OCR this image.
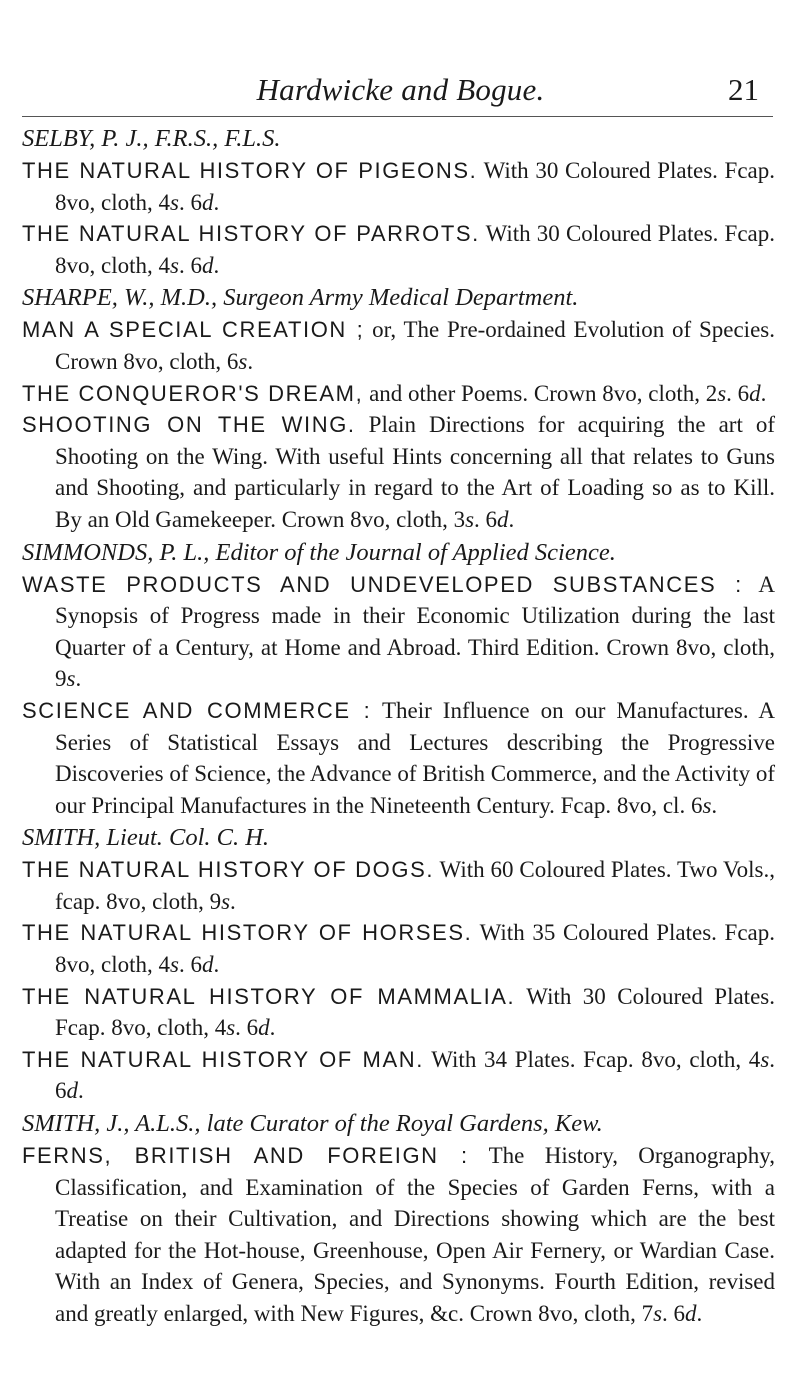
Hardwicke and Bogue.	21

SELBY, P. J., F.R.S., F.L.S.

THE NATURAL HISTORY OF PIGEONS. With 30 Coloured Plates. Fcap. 8vo, cloth, 4s. 6d.

THE NATURAL HISTORY OF PARROTS. With 30 Coloured Plates. Fcap. 8vo, cloth, 4s. 6d.

SHARPE, W., M.D., Surgeon Army Medical Department.

MAN A SPECIAL CREATION ; or, The Pre-ordained Evolution of Species. Crown 8vo, cloth, 6s.

THE CONQUEROR'S DREAM, and other Poems. Crown 8vo, cloth, 2s. 6d.

SHOOTING ON THE WING. Plain Directions for acquiring the art of Shooting on the Wing. With useful Hints concerning all that relates to Guns and Shooting, and particularly in regard to the Art of Loading so as to Kill. By an Old Gamekeeper. Crown 8vo, cloth, 3s. 6d.

SIMMONDS, P. L., Editor of the Journal of Applied Science.

WASTE PRODUCTS AND UNDEVELOPED SUBSTANCES : A Synopsis of Progress made in their Economic Utilization during the last Quarter of a Century, at Home and Abroad. Third Edition. Crown 8vo, cloth, 9s.

SCIENCE AND COMMERCE : Their Influence on our Manufactures. A Series of Statistical Essays and Lectures describing the Progressive Discoveries of Science, the Advance of British Commerce, and the Activity of our Principal Manufactures in the Nineteenth Century. Fcap. 8vo, cl. 6s.

SMITH, Lieut. Col. C. H.

THE NATURAL HISTORY OF DOGS. With 60 Coloured Plates. Two Vols., fcap. 8vo, cloth, 9s.

THE NATURAL HISTORY OF HORSES. With 35 Coloured Plates. Fcap. 8vo, cloth, 4s. 6d.

THE NATURAL HISTORY OF MAMMALIA. With 30 Coloured Plates. Fcap. 8vo, cloth, 4s. 6d.

THE NATURAL HISTORY OF MAN. With 34 Plates. Fcap. 8vo, cloth, 4s. 6d.

SMITH, J., A.L.S., late Curator of the Royal Gardens, Kew.

FERNS, BRITISH AND FOREIGN : The History, Organography, Classification, and Examination of the Species of Garden Ferns, with a Treatise on their Cultivation, and Directions showing which are the best adapted for the Hot-house, Greenhouse, Open Air Fernery, or Wardian Case. With an Index of Genera, Species, and Synonyms. Fourth Edition, revised and greatly enlarged, with New Figures, &c. Crown 8vo, cloth, 7s. 6d.
